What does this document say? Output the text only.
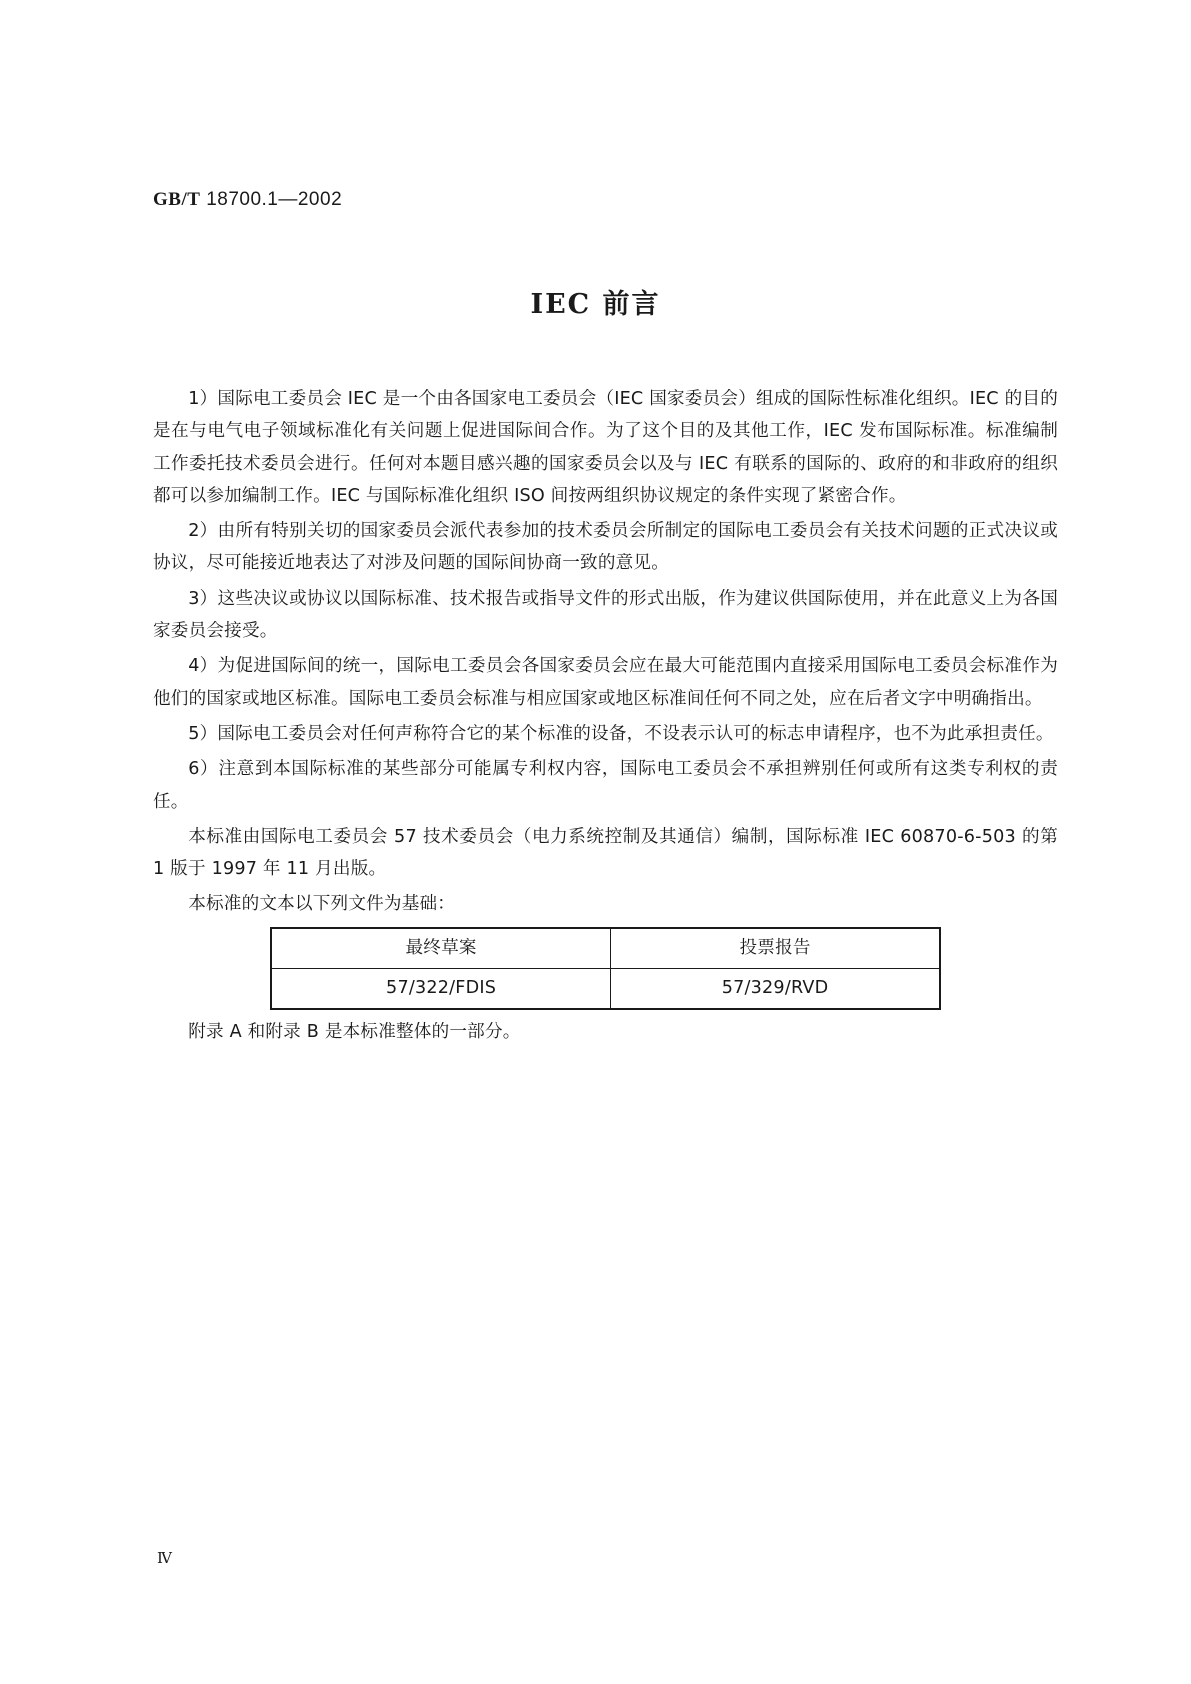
GB/T 18700.1—2002
IEC 前言

1）国际电工委员会 IEC 是一个由各国家电工委员会（IEC 国家委员会）组成的国际性标准化组织。IEC 的目的是在与电气电子领域标准化有关问题上促进国际间合作。为了这个目的及其他工作，IEC 发布国际标准。标准编制工作委托技术委员会进行。任何对本题目感兴趣的国家委员会以及与 IEC 有联系的国际的、政府的和非政府的组织都可以参加编制工作。IEC 与国际标准化组织 ISO 间按两组织协议规定的条件实现了紧密合作。

2）由所有特别关切的国家委员会派代表参加的技术委员会所制定的国际电工委员会有关技术问题的正式决议或协议，尽可能接近地表达了对涉及问题的国际间协商一致的意见。

3）这些决议或协议以国际标准、技术报告或指导文件的形式出版，作为建议供国际使用，并在此意义上为各国家委员会接受。

4）为促进国际间的统一，国际电工委员会各国家委员会应在最大可能范围内直接采用国际电工委员会标准作为他们的国家或地区标准。国际电工委员会标准与相应国家或地区标准间任何不同之处，应在后者文字中明确指出。

5）国际电工委员会对任何声称符合它的某个标准的设备，不设表示认可的标志申请程序，也不为此承担责任。

6）注意到本国际标准的某些部分可能属专利权内容，国际电工委员会不承担辨别任何或所有这类专利权的责任。

本标准由国际电工委员会 57 技术委员会（电力系统控制及其通信）编制，国际标准 IEC 60870-6-503 的第 1 版于 1997 年 11 月出版。

本标准的文本以下列文件为基础：

最终草案	投票报告
57/322/FDIS	57/329/RVD

附录 A 和附录 B 是本标准整体的一部分。

Ⅳ
